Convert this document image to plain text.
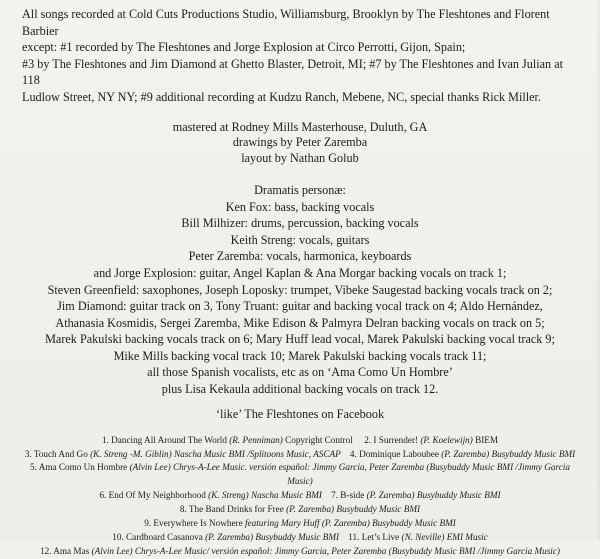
All songs recorded at Cold Cuts Productions Studio, Williamsburg, Brooklyn by The Fleshtones and Florent Barbier

except: #1 recorded by The Fleshtones and Jorge Explosion at Circo Perrotti, Gijon, Spain;

#3 by The Fleshtones and Jim Diamond at Ghetto Blaster, Detroit, MI; #7 by The Fleshtones and Ivan Julian at 118

Ludlow Street, NY NY; #9 additional recording at Kudzu Ranch, Mebene, NC, special thanks Rick Miller.

mastered at Rodney Mills Masterhouse, Duluth, GA

drawings by Peter Zaremba

layout by Nathan Golub

Dramatis personæ:

Ken Fox: bass, backing vocals

Bill Milhizer: drums, percussion, backing vocals

Keith Streng: vocals, guitars

Peter Zaremba: vocals, harmonica, keyboards

and Jorge Explosion: guitar, Angel Kaplan & Ana Morgar backing vocals on track 1;

Steven Greenfield: saxophones, Joseph Loposky: trumpet, Vibeke Saugestad backing vocals track on 2;

Jim Diamond: guitar track on 3, Tony Truant: guitar and backing vocal track on 4; Aldo Hernández,

Athanasia Kosmidis, Sergei Zaremba, Mike Edison & Palmyra Delran backing vocals on track on 5;

Marek Pakulski backing vocals track on 6; Mary Huff lead vocal, Marek Pakulski backing vocal track 9;

Mike Mills backing vocal track 10; Marek Pakulski backing vocals track 11;

all those Spanish vocalists, etc as on ‘Ama Como Un Hombre’

plus Lisa Kekaula additional backing vocals on track 12.

‘like’ The Fleshtones on Facebook

1. Dancing All Around The World (R. Penniman) Copyright Control 2. I Surrender! (P. Koelewijn) BIEM

3. Touch And Go (K. Streng -M. Giblin) Nascha Music BMI /Splitoons Music, ASCAP 4. Dominique Laboubee (P. Zaremba) Busybuddy Music BMI

5. Ama Como Un Hombre (Alvin Lee) Chrys-A-Lee Music. versión español: Jimmy Garcia, Peter Zaremba (Busybuddy Music BMI /Jimmy Garcia Music)

6. End Of My Neighborhood (K. Streng) Nascha Music BMI 7. B-side (P. Zaremba) Busybuddy Music BMI

8. The Band Drinks for Free (P. Zaremba) Busybuddy Music BMI

9. Everywhere Is Nowhere featuring Mary Huff (P. Zaremba) Busybuddy Music BMI

10. Cardboard Casanova (P. Zaremba) Busybuddy Music BMI 11. Let’s Live (N. Neville) EMI Music

12. Ama Mas (Alvin Lee) Chrys-A-Lee Music/ versión español: Jimmy Garcia, Peter Zaremba (Busybuddy Music BMI /Jimmy Garcia Music)
